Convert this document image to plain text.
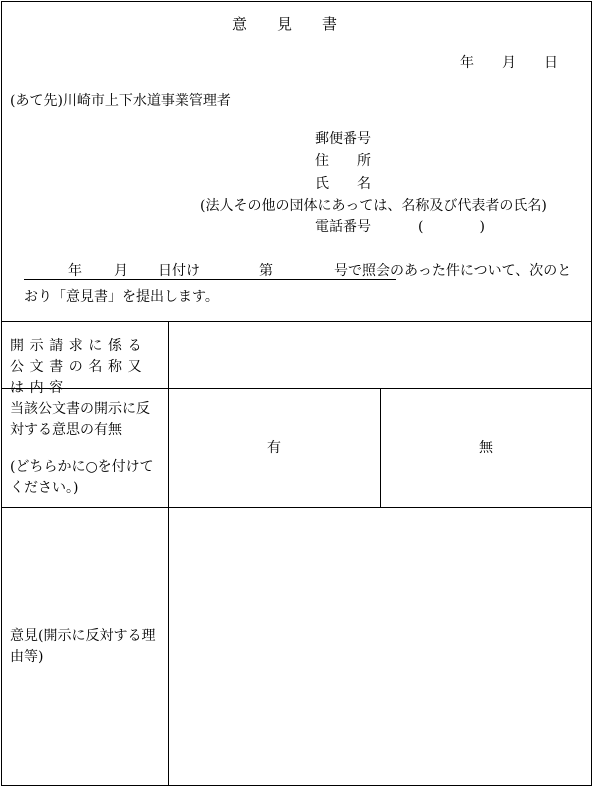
意　　見　　書
年　　月　　日
(あて先)川崎市上下水道事業管理者
郵便番号
住　　所
氏　　名
(法人その他の団体にあっては、名称及び代表者の氏名)
電話番号	(　　　　)
年 月 日付け	第	号で照会のあった件について、次のと
おり「意見書」を提出します。
開示請求に係る公文書の名称又は内容
当該公文書の開示に反対する意思の有無
(どちらかに○を付けてください。)
有	無
意見(開示に反対する理由等)
